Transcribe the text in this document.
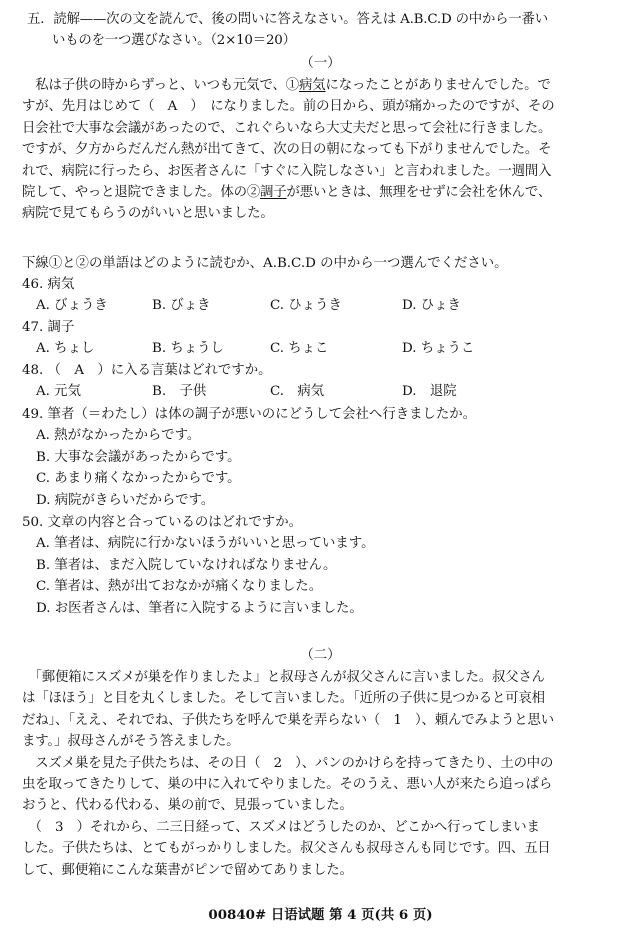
五．読解——次の文を読んで、後の問いに答えなさい。答えは A.B.C.D の中から一番い
いものを一つ選びなさい。（2×10＝20）
（一）
　私は子供の時からずっと、いつも元気で、①病気になったことがありませんでした。で
すが、先月はじめて（　A　）　になりました。前の日から、頭が痛かったのですが、その
日会社で大事な会議があったので、これぐらいなら大丈夫だと思って会社に行きました。
ですが、夕方からだんだん熱が出てきて、次の日の朝になっても下がりませんでした。そ
れで、病院に行ったら、お医者さんに「すぐに入院しなさい」と言われました。一週間入
院して、やっと退院できました。体の②調子が悪いときは、無理をせずに会社を休んで、
病院で見てもらうのがいいと思いました。
下線①と②の単語はどのように読むか、A.B.C.D の中から一つ選んでください。
46. 病気
A. びょうき	B. びょき	C. ひょうき	D. ひょき
47. 調子
A. ちょし	B. ちょうし	C. ちょこ	D. ちょうこ
48. （　A　）に入る言葉はどれですか。
A. 元気	B.　子供	C.　病気	D.　退院
49. 筆者（＝わたし）は体の調子が悪いのにどうして会社へ行きましたか。
A. 熱がなかったからです。
B. 大事な会議があったからです。
C. あまり痛くなかったからです。
D. 病院がきらいだからです。
50. 文章の内容と合っているのはどれですか。
A. 筆者は、病院に行かないほうがいいと思っています。
B. 筆者は、まだ入院していなければなりません。
C. 筆者は、熱が出ておなかが痛くなりました。
D. お医者さんは、筆者に入院するように言いました。
（二）
　「郵便箱にスズメが巣を作りましたよ」と叔母さんが叔父さんに言いました。叔父さん
は「ほほう」と目を丸くしました。そして言いました。「近所の子供に見つかると可哀相
だね」、「ええ、それでね、子供たちを呼んで巣を弄らない（　1　）、頼んでみようと思い
ます。」叔母さんがそう答えました。
　スズメ巣を見た子供たちは、その日（　2　）、パンのかけらを持ってきたり、土の中の
虫を取ってきたりして、巣の中に入れてやりました。そのうえ、悪い人が来たら追っぱら
おうと、代わる代わる、巣の前で、見張っていました。
　（　3　）それから、二三日経って、スズメはどうしたのか、どこかへ行ってしまいま
した。子供たちは、とてもがっかりしました。叔父さんも叔母さんも同じです。四、五日
して、郵便箱にこんな葉書がピンで留めてありました。
00840# 日语试题 第 4 页(共 6 页)
